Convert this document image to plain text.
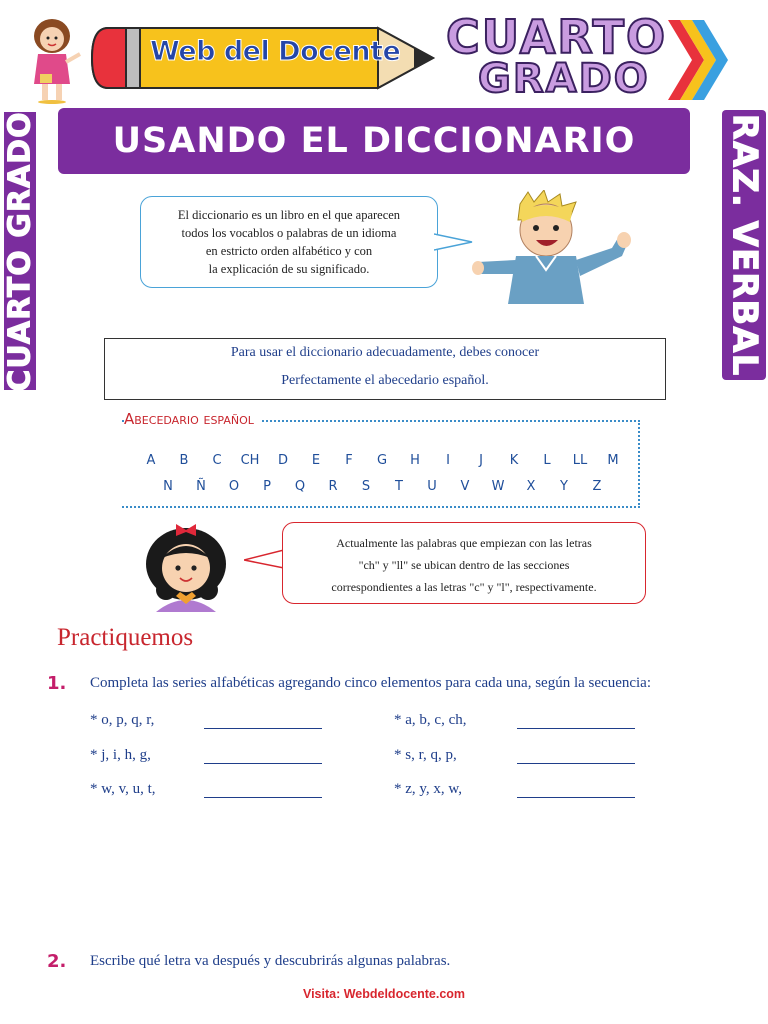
Web del Docente CUARTO
GRADO
CUARTO GRADO	RAZ. VERBAL
USANDO EL DICCIONARIO
El diccionario es un libro en el que aparecen
todos los vocablos o palabras de un idioma
en estricto orden alfabético y con
la explicación de su significado.
Para usar el diccionario adecuadamente, debes conocer
Perfectamente el abecedario español.
Abecedario español
A B C CH D E F G H I J K L LL M
N Ñ O P Q R S T U V W X Y Z
Actualmente las palabras que empiezan con las letras
"ch" y "ll" se ubican dentro de las secciones
correspondientes a las letras "c" y "l", respectivamente.
Practiquemos
1. Completa las series alfabéticas agregando cinco elementos para cada una, según la secuencia:
* o, p, q, r,
* j, i, h, g,
* w, v, u, t,
* a, b, c, ch,
* s, r, q, p,
* z, y, x, w,
2. Escribe qué letra va después y descubrirás algunas palabras.
Visita: Webdeldocente.com
